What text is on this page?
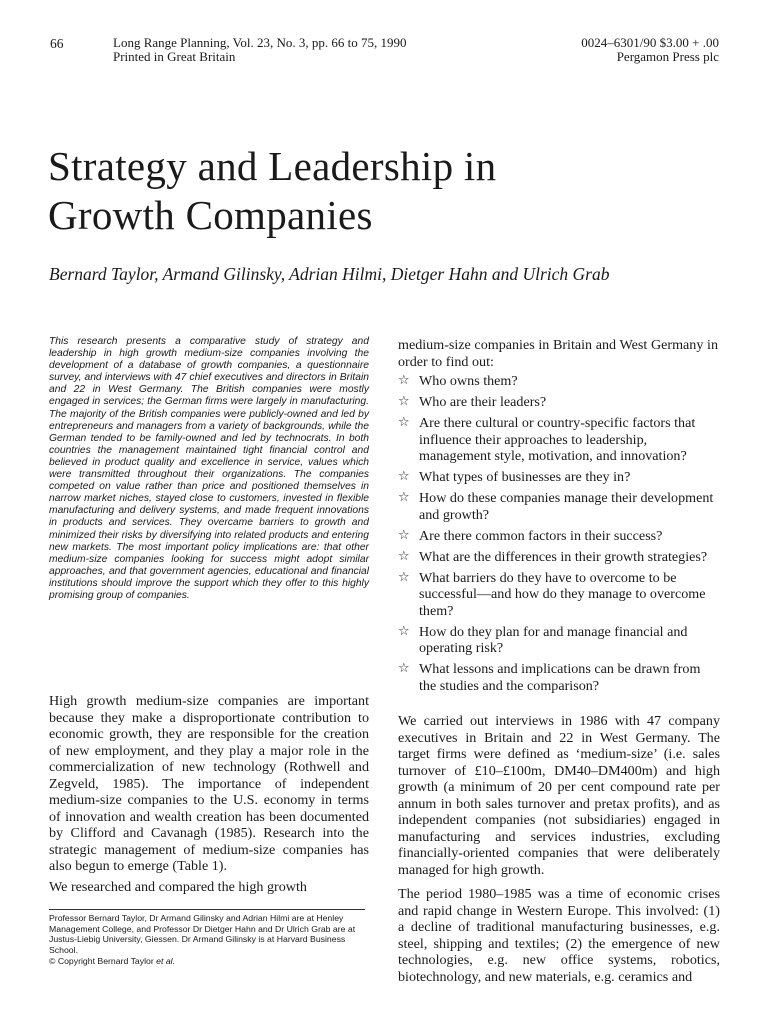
66	Long Range Planning, Vol. 23, No. 3, pp. 66 to 75, 1990
Printed in Great Britain
0024–6301/90 $3.00 + .00
Pergamon Press plc
Strategy and Leadership in
Growth Companies
Bernard Taylor, Armand Gilinsky, Adrian Hilmi, Dietger Hahn and Ulrich Grab

This research presents a comparative study of strategy and leadership in high growth medium-size companies involving the development of a database of growth companies, a questionnaire survey, and interviews with 47 chief executives and directors in Britain and 22 in West Germany. The British companies were mostly engaged in services; the German firms were largely in manufacturing. The majority of the British companies were publicly-owned and led by entrepreneurs and managers from a variety of backgrounds, while the German tended to be family-owned and led by technocrats. In both countries the management maintained tight financial control and believed in product quality and excellence in service, values which were transmitted throughout their organizations. The companies competed on value rather than price and positioned themselves in narrow market niches, stayed close to customers, invested in flexible manufacturing and delivery systems, and made frequent innovations in products and services. They overcame barriers to growth and minimized their risks by diversifying into related products and entering new markets. The most important policy implications are: that other medium-size companies looking for success might adopt similar approaches, and that government agencies, educational and financial institutions should improve the support which they offer to this highly promising group of companies.

High growth medium-size companies are important because they make a disproportionate contribution to economic growth, they are responsible for the creation of new employment, and they play a major role in the commercialization of new technology (Rothwell and Zegveld, 1985). The importance of independent medium-size companies to the U.S. economy in terms of innovation and wealth creation has been documented by Clifford and Cavanagh (1985). Research into the strategic management of medium-size companies has also begun to emerge (Table 1).

We researched and compared the high growth

Professor Bernard Taylor, Dr Armand Gilinsky and Adrian Hilmi are at Henley Management College, and Professor Dr Dietger Hahn and Dr Ulrich Grab are at Justus-Liebig University, Giessen. Dr Armand Gilinsky is at Harvard Business School.
© Copyright Bernard Taylor et al.

medium-size companies in Britain and West Germany in order to find out:

☆ Who owns them?
☆ Who are their leaders?
☆ Are there cultural or country-specific factors that influence their approaches to leadership, management style, motivation, and innovation?
☆ What types of businesses are they in?
☆ How do these companies manage their development and growth?
☆ Are there common factors in their success?
☆ What are the differences in their growth strategies?
☆ What barriers do they have to overcome to be successful—and how do they manage to overcome them?
☆ How do they plan for and manage financial and operating risk?
☆ What lessons and implications can be drawn from the studies and the comparison?

We carried out interviews in 1986 with 47 company executives in Britain and 22 in West Germany. The target firms were defined as ‘medium-size’ (i.e. sales turnover of £10–£100m, DM40–DM400m) and high growth (a minimum of 20 per cent compound rate per annum in both sales turnover and pretax profits), and as independent companies (not subsidiaries) engaged in manufacturing and services industries, excluding financially-oriented companies that were deliberately managed for high growth.

The period 1980–1985 was a time of economic crises and rapid change in Western Europe. This involved: (1) a decline of traditional manufacturing businesses, e.g. steel, shipping and textiles; (2) the emergence of new technologies, e.g. new office systems, robotics, biotechnology, and new materials, e.g. ceramics and
